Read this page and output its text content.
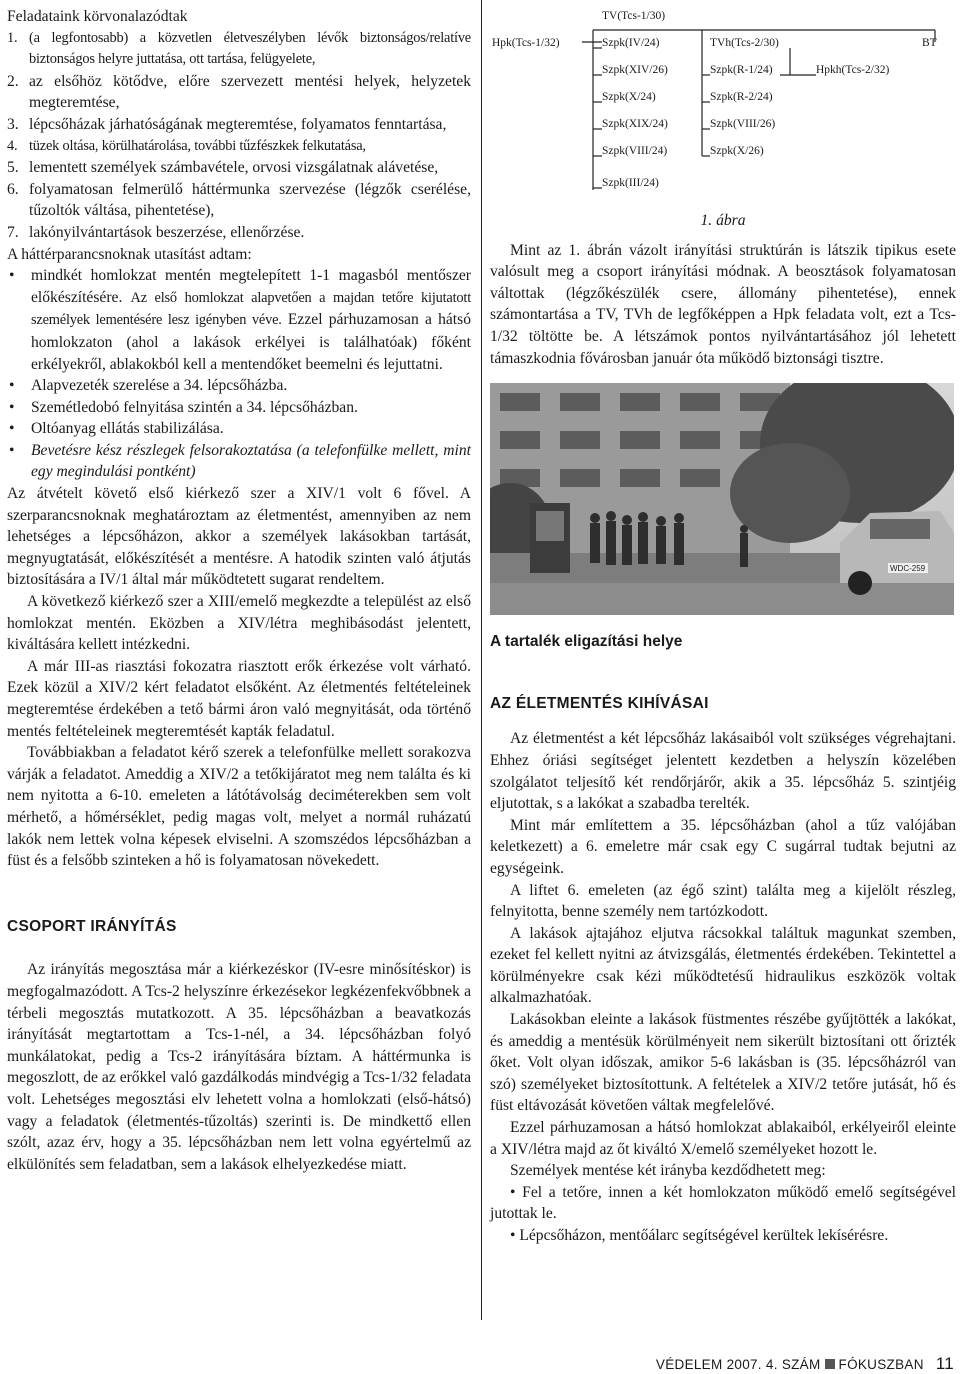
Feladataink körvonalazódtak

1. (a legfontosabb) a közvetlen életveszélyben lévők biztonságos/relatíve biztonságos helyre juttatása, ott tartása, felügyelete,
2. az elsőhöz kötődve, előre szervezett mentési helyek, helyzetek megteremtése,
3. lépcsőházak járhatóságának megteremtése, folyamatos fenntartása,
4. tüzek oltása, körülhatárolása, további tűzfészkek felkutatása,
5. lementett személyek számbavétele, orvosi vizsgálatnak alávetése,
6. folyamatosan felmerülő háttérmunka szervezése (légzők cserélése, tűzoltók váltása, pihentetése),
7. lakónyilvántartások beszerzése, ellenőrzése.

A háttérparancsnoknak utasítást adtam:

•	mindkét homlokzat mentén megtelepített 1-1 magasból mentőszer előkészítésére. Az első homlokzat alapvetően a majdan tetőre kijutatott személyek lementésére lesz igényben véve. Ezzel párhuzamosan a hátsó homlokzaton (ahol a lakások erkélyei is találhatóak) főként erkélyekről, ablakokból kell a mentendőket beemelni és lejuttatni.
•	Alapvezeték szerelése a 34. lépcsőházba.
•	Szemétledobó felnyitása szintén a 34. lépcsőházban.
•	Oltóanyag ellátás stabilizálása.
•	Bevetésre kész részlegek felsorakoztatása (a telefonfülke mellett, mint egy megindulási pontként)

Az átvételt követő első kiérkező szer a XIV/1 volt 6 fővel. A szerparancsnoknak meghatároztam az életmentést, amennyiben az nem lehetséges a lépcsőházon, akkor a személyek lakásokban tartását, megnyugtatását, előkészítését a mentésre. A hatodik szinten való átjutás biztosítására a IV/1 által már működtetett sugarat rendeltem.

A következő kiérkező szer a XIII/emelő megkezdte a települést az első homlokzat mentén. Eközben a XIV/létra meghibásodást jelentett, kiváltására kellett intézkedni.

A már III-as riasztási fokozatra riasztott erők érkezése volt várható. Ezek közül a XIV/2 kért feladatot elsőként. Az életmentés feltételeinek megteremtése érdekében a tető bármi áron való megnyitását, oda történő mentés feltételeinek megteremtését kapták feladatul.

Továbbiakban a feladatot kérő szerek a telefonfülke mellett sorakozva várják a feladatot. Ameddig a XIV/2 a tetőkijáratot meg nem találta és ki nem nyitotta a 6-10. emeleten a látótávolság deciméterekben sem volt mérhető, a hőmérséklet, pedig magas volt, melyet a normál ruházatú lakók nem lettek volna képesek elviselni. A szomszédos lépcsőházban a füst és a felsőbb szinteken a hő is folyamatosan növekedett.

CSOPORT IRÁNYÍTÁS

Az irányítás megosztása már a kiérkezéskor (IV-esre minősítéskor) is megfogalmazódott. A Tcs-2 helyszínre érkezésekor legkézenfekvőbbnek a térbeli megosztás mutatkozott. A 35. lépcsőházban a beavatkozás irányítását megtartottam a Tcs-1-nél, a 34. lépcsőházban folyó munkálatokat, pedig a Tcs-2 irányítására bíztam. A háttérmunka is megoszlott, de az erőkkel való gazdálkodás mindvégig a Tcs-1/32 feladata volt. Lehetséges megosztási elv lehetett volna a homlokzati (első-hátsó) vagy a feladatok (életmentés-tűzoltás) szerinti is. De mindkettő ellen szólt, azaz érv, hogy a 35. lépcsőházban nem lett volna egyértelmű az elkülönítés sem feladatban, sem a lakások elhelyezkedése miatt.

TV(Tcs-1/30)
Hpk(Tcs-1/32)	Szpk(IV/24)	TVh(Tcs-2/30)	BT
Szpk(XIV/26)	Szpk(R-1/24)	Hpkh(Tcs-2/32)
Szpk(X/24)	Szpk(R-2/24)
Szpk(XIX/24)	Szpk(VIII/26)
Szpk(VIII/24)	Szpk(X/26)
Szpk(III/24)

1. ábra

Mint az 1. ábrán vázolt irányítási struktúrán is látszik tipikus esete valósult meg a csoport irányítási módnak. A beosztások folyamatosan váltottak (légzőkészülék csere, állomány pihentetése), ennek számontartása a TV, TVh de legfőképpen a Hpk feladata volt, ezt a Tcs-1/32 töltötte be. A létszámok pontos nyilvántartásához jól lehetett támaszkodnia fővárosban január óta működő biztonsági tisztre.

WDC-259

A tartalék eligazítási helye

AZ ÉLETMENTÉS KIHÍVÁSAI

Az életmentést a két lépcsőház lakásaiból volt szükséges végrehajtani. Ehhez óriási segítséget jelentett kezdetben a helyszín közelében szolgálatot teljesítő két rendőrjárőr, akik a 35. lépcsőház 5. szintjéig eljutottak, s a lakókat a szabadba terelték.

Mint már említettem a 35. lépcsőházban (ahol a tűz valójában keletkezett) a 6. emeletre már csak egy C sugárral tudtak bejutni az egységeink.

A liftet 6. emeleten (az égő szint) találta meg a kijelölt részleg, felnyitotta, benne személy nem tartózkodott.

A lakások ajtajához eljutva rácsokkal találtuk magunkat szemben, ezeket fel kellett nyitni az átvizsgálás, életmentés érdekében. Tekintettel a körülményekre csak kézi működtetésű hidraulikus eszközök voltak alkalmazhatóak.

Lakásokban eleinte a lakások füstmentes részébe gyűjtötték a lakókat, és ameddig a mentésük körülményeit nem sikerült biztosítani ott őrizték őket. Volt olyan időszak, amikor 5-6 lakásban is (35. lépcsőházról van szó) személyeket biztosítottunk. A feltételek a XIV/2 tetőre jutását, hő és füst eltávozását követően váltak megfelelővé.

Ezzel párhuzamosan a hátsó homlokzat ablakaiból, erkélyeiről eleinte a XIV/létra majd az őt kiváltó X/emelő személyeket hozott le.

Személyek mentése két irányba kezdődhetett meg:

• Fel a tetőre, innen a két homlokzaton működő emelő segítségével jutottak le.

• Lépcsőházon, mentőálarc segítségével kerültek lekísérésre.

VÉDELEM 2007. 4. SZÁM FÓKUSZBAN 11
